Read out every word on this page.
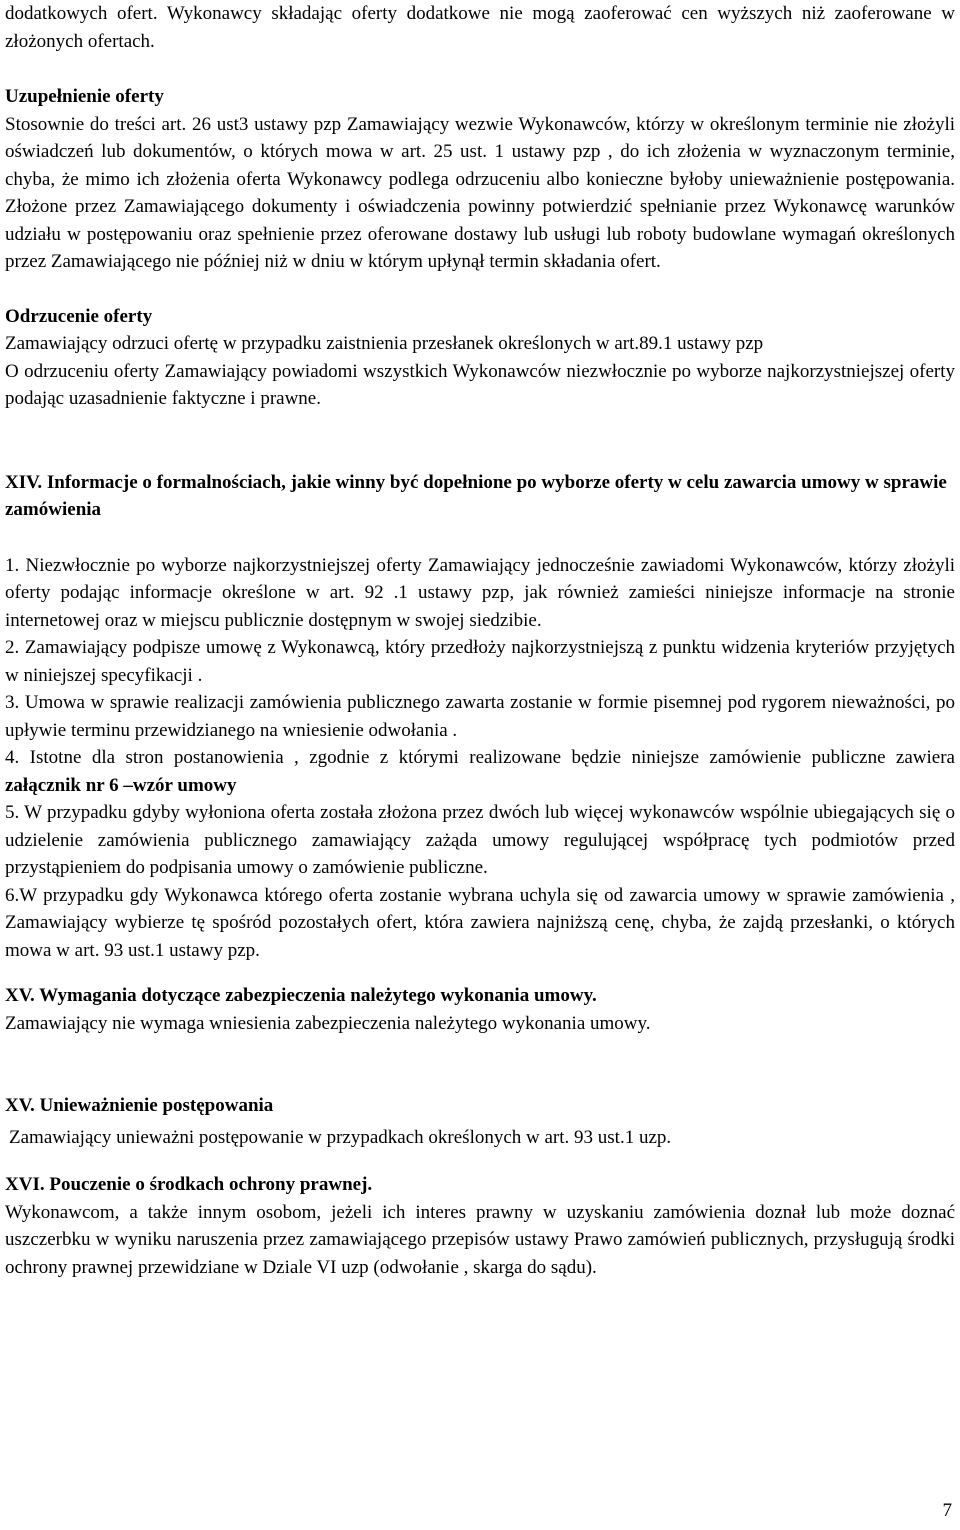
dodatkowych ofert. Wykonawcy składając oferty dodatkowe nie mogą zaoferować cen wyższych niż zaoferowane w złożonych ofertach.

Uzupełnienie oferty

Stosownie do treści art. 26 ust3 ustawy pzp Zamawiający wezwie Wykonawców, którzy w określonym terminie nie złożyli oświadczeń lub dokumentów, o których mowa w art. 25 ust. 1 ustawy pzp , do ich złożenia w wyznaczonym terminie, chyba, że mimo ich złożenia oferta Wykonawcy podlega odrzuceniu albo konieczne byłoby unieważnienie postępowania. Złożone przez Zamawiającego dokumenty i oświadczenia powinny potwierdzić spełnianie przez Wykonawcę warunków udziału w postępowaniu oraz spełnienie przez oferowane dostawy lub usługi lub roboty budowlane wymagań określonych przez Zamawiającego nie później niż w dniu w którym upłynął termin składania ofert.

Odrzucenie oferty

Zamawiający odrzuci ofertę w przypadku zaistnienia przesłanek określonych w art.89.1 ustawy pzp

O odrzuceniu oferty Zamawiający powiadomi wszystkich Wykonawców niezwłocznie po wyborze najkorzystniejszej oferty podając uzasadnienie faktyczne i prawne.

XIV. Informacje o formalnościach, jakie winny być dopełnione po wyborze oferty w celu zawarcia umowy w sprawie zamówienia

1. Niezwłocznie po wyborze najkorzystniejszej oferty Zamawiający jednocześnie zawiadomi Wykonawców, którzy złożyli oferty podając informacje określone w art. 92 .1 ustawy pzp, jak również zamieści niniejsze informacje na stronie internetowej oraz w miejscu publicznie dostępnym w swojej siedzibie.

2. Zamawiający podpisze umowę z Wykonawcą, który przedłoży najkorzystniejszą z punktu widzenia kryteriów przyjętych w niniejszej specyfikacji .

3. Umowa w sprawie realizacji zamówienia publicznego zawarta zostanie w formie pisemnej pod rygorem nieważności, po upływie terminu przewidzianego na wniesienie odwołania .

4. Istotne dla stron postanowienia , zgodnie z którymi realizowane będzie niniejsze zamówienie publiczne zawiera załącznik nr 6 –wzór umowy

5. W przypadku gdyby wyłoniona oferta została złożona przez dwóch lub więcej wykonawców wspólnie ubiegających się o udzielenie zamówienia publicznego zamawiający zażąda umowy regulującej współpracę tych podmiotów przed przystąpieniem do podpisania umowy o zamówienie publiczne.

6.W przypadku gdy Wykonawca którego oferta zostanie wybrana uchyla się od zawarcia umowy w sprawie zamówienia , Zamawiający wybierze tę spośród pozostałych ofert, która zawiera najniższą cenę, chyba, że zajdą przesłanki, o których mowa w art. 93 ust.1 ustawy pzp.

XV. Wymagania dotyczące zabezpieczenia należytego wykonania umowy.

Zamawiający nie wymaga wniesienia zabezpieczenia należytego wykonania umowy.

XV. Unieważnienie postępowania

Zamawiający unieważni postępowanie w przypadkach określonych w art. 93 ust.1 uzp.

XVI. Pouczenie o środkach ochrony prawnej.

Wykonawcom, a także innym osobom, jeżeli ich interes prawny w uzyskaniu zamówienia doznał lub może doznać uszczerbku w wyniku naruszenia przez zamawiającego przepisów ustawy Prawo zamówień publicznych, przysługują środki ochrony prawnej przewidziane w Dziale VI uzp (odwołanie , skarga do sądu).

7
